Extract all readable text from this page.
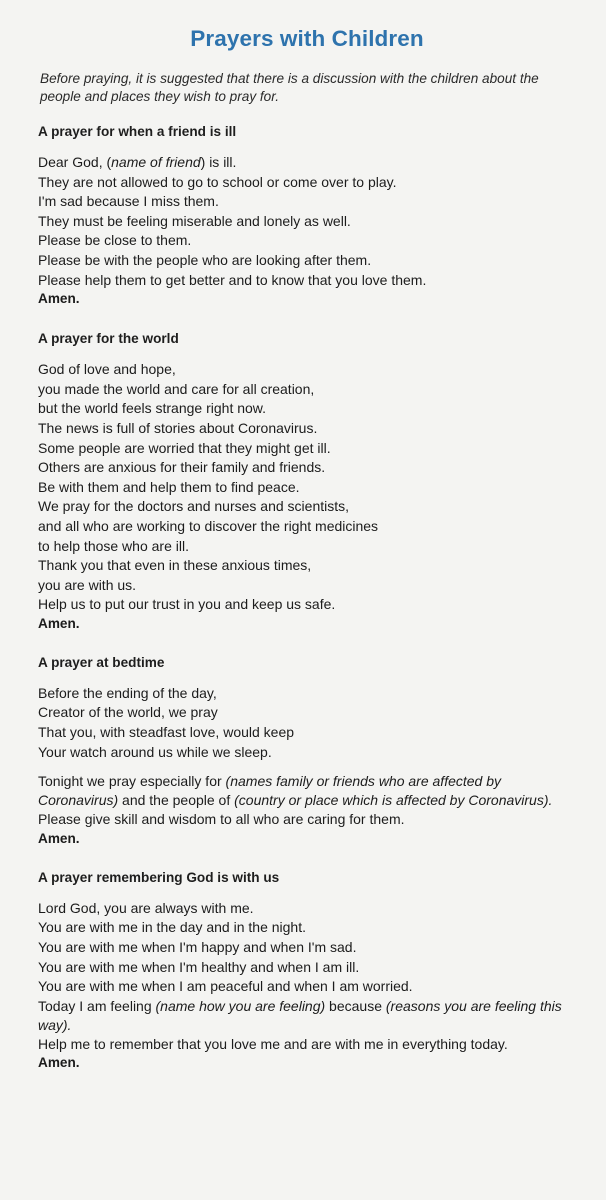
Prayers with Children

Before praying, it is suggested that there is a discussion with the children about the people and places they wish to pray for.

A prayer for when a friend is ill
Dear God, (name of friend) is ill.
They are not allowed to go to school or come over to play.
I'm sad because I miss them.
They must be feeling miserable and lonely as well.
Please be close to them.
Please be with the people who are looking after them.
Please help them to get better and to know that you love them.
Amen.
A prayer for the world
God of love and hope,
you made the world and care for all creation,
but the world feels strange right now.
The news is full of stories about Coronavirus.
Some people are worried that they might get ill.
Others are anxious for their family and friends.
Be with them and help them to find peace.
We pray for the doctors and nurses and scientists,
and all who are working to discover the right medicines
to help those who are ill.
Thank you that even in these anxious times,
you are with us.
Help us to put our trust in you and keep us safe.
Amen.
A prayer at bedtime
Before the ending of the day,
Creator of the world, we pray
That you, with steadfast love, would keep
Your watch around us while we sleep.

Tonight we pray especially for (names family or friends who are affected by Coronavirus) and the people of (country or place which is affected by Coronavirus).

Please give skill and wisdom to all who are caring for them.
Amen.
A prayer remembering God is with us
Lord God, you are always with me.
You are with me in the day and in the night.
You are with me when I'm happy and when I'm sad.
You are with me when I'm healthy and when I am ill.
You are with me when I am peaceful and when I am worried.

Today I am feeling (name how you are feeling) because (reasons you are feeling this way).

Help me to remember that you love me and are with me in everything today.

Amen.
